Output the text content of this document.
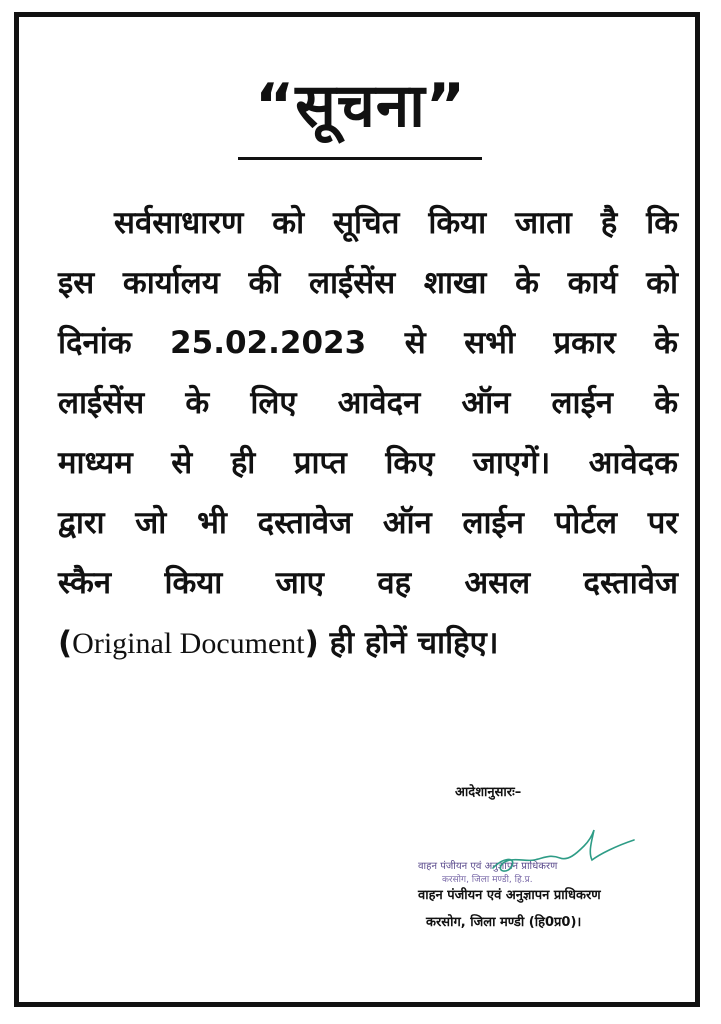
“सूचना”
सर्वसाधारण को सूचित किया जाता है कि
इस कार्यालय की लाईसेंस शाखा के कार्य को
दिनांक 25.02.2023 से सभी प्रकार के
लाईसेंस के लिए आवेदन ऑन लाईन के
माध्यम से ही प्राप्त किए जाएगें। आवेदक
द्वारा जो भी दस्तावेज ऑन लाईन पोर्टल पर
स्कैन किया जाए वह असल दस्तावेज
(Original Document) ही होनें चाहिए।
आदेशानुसारः–
वाहन पंजीयन एवं अनुज्ञापन प्राधिकरण
करसोग, जिला मण्डी, हि.प्र.
वाहन पंजीयन एवं अनुज्ञापन प्राधिकरण
करसोग, जिला मण्डी (हि0प्र0)।
